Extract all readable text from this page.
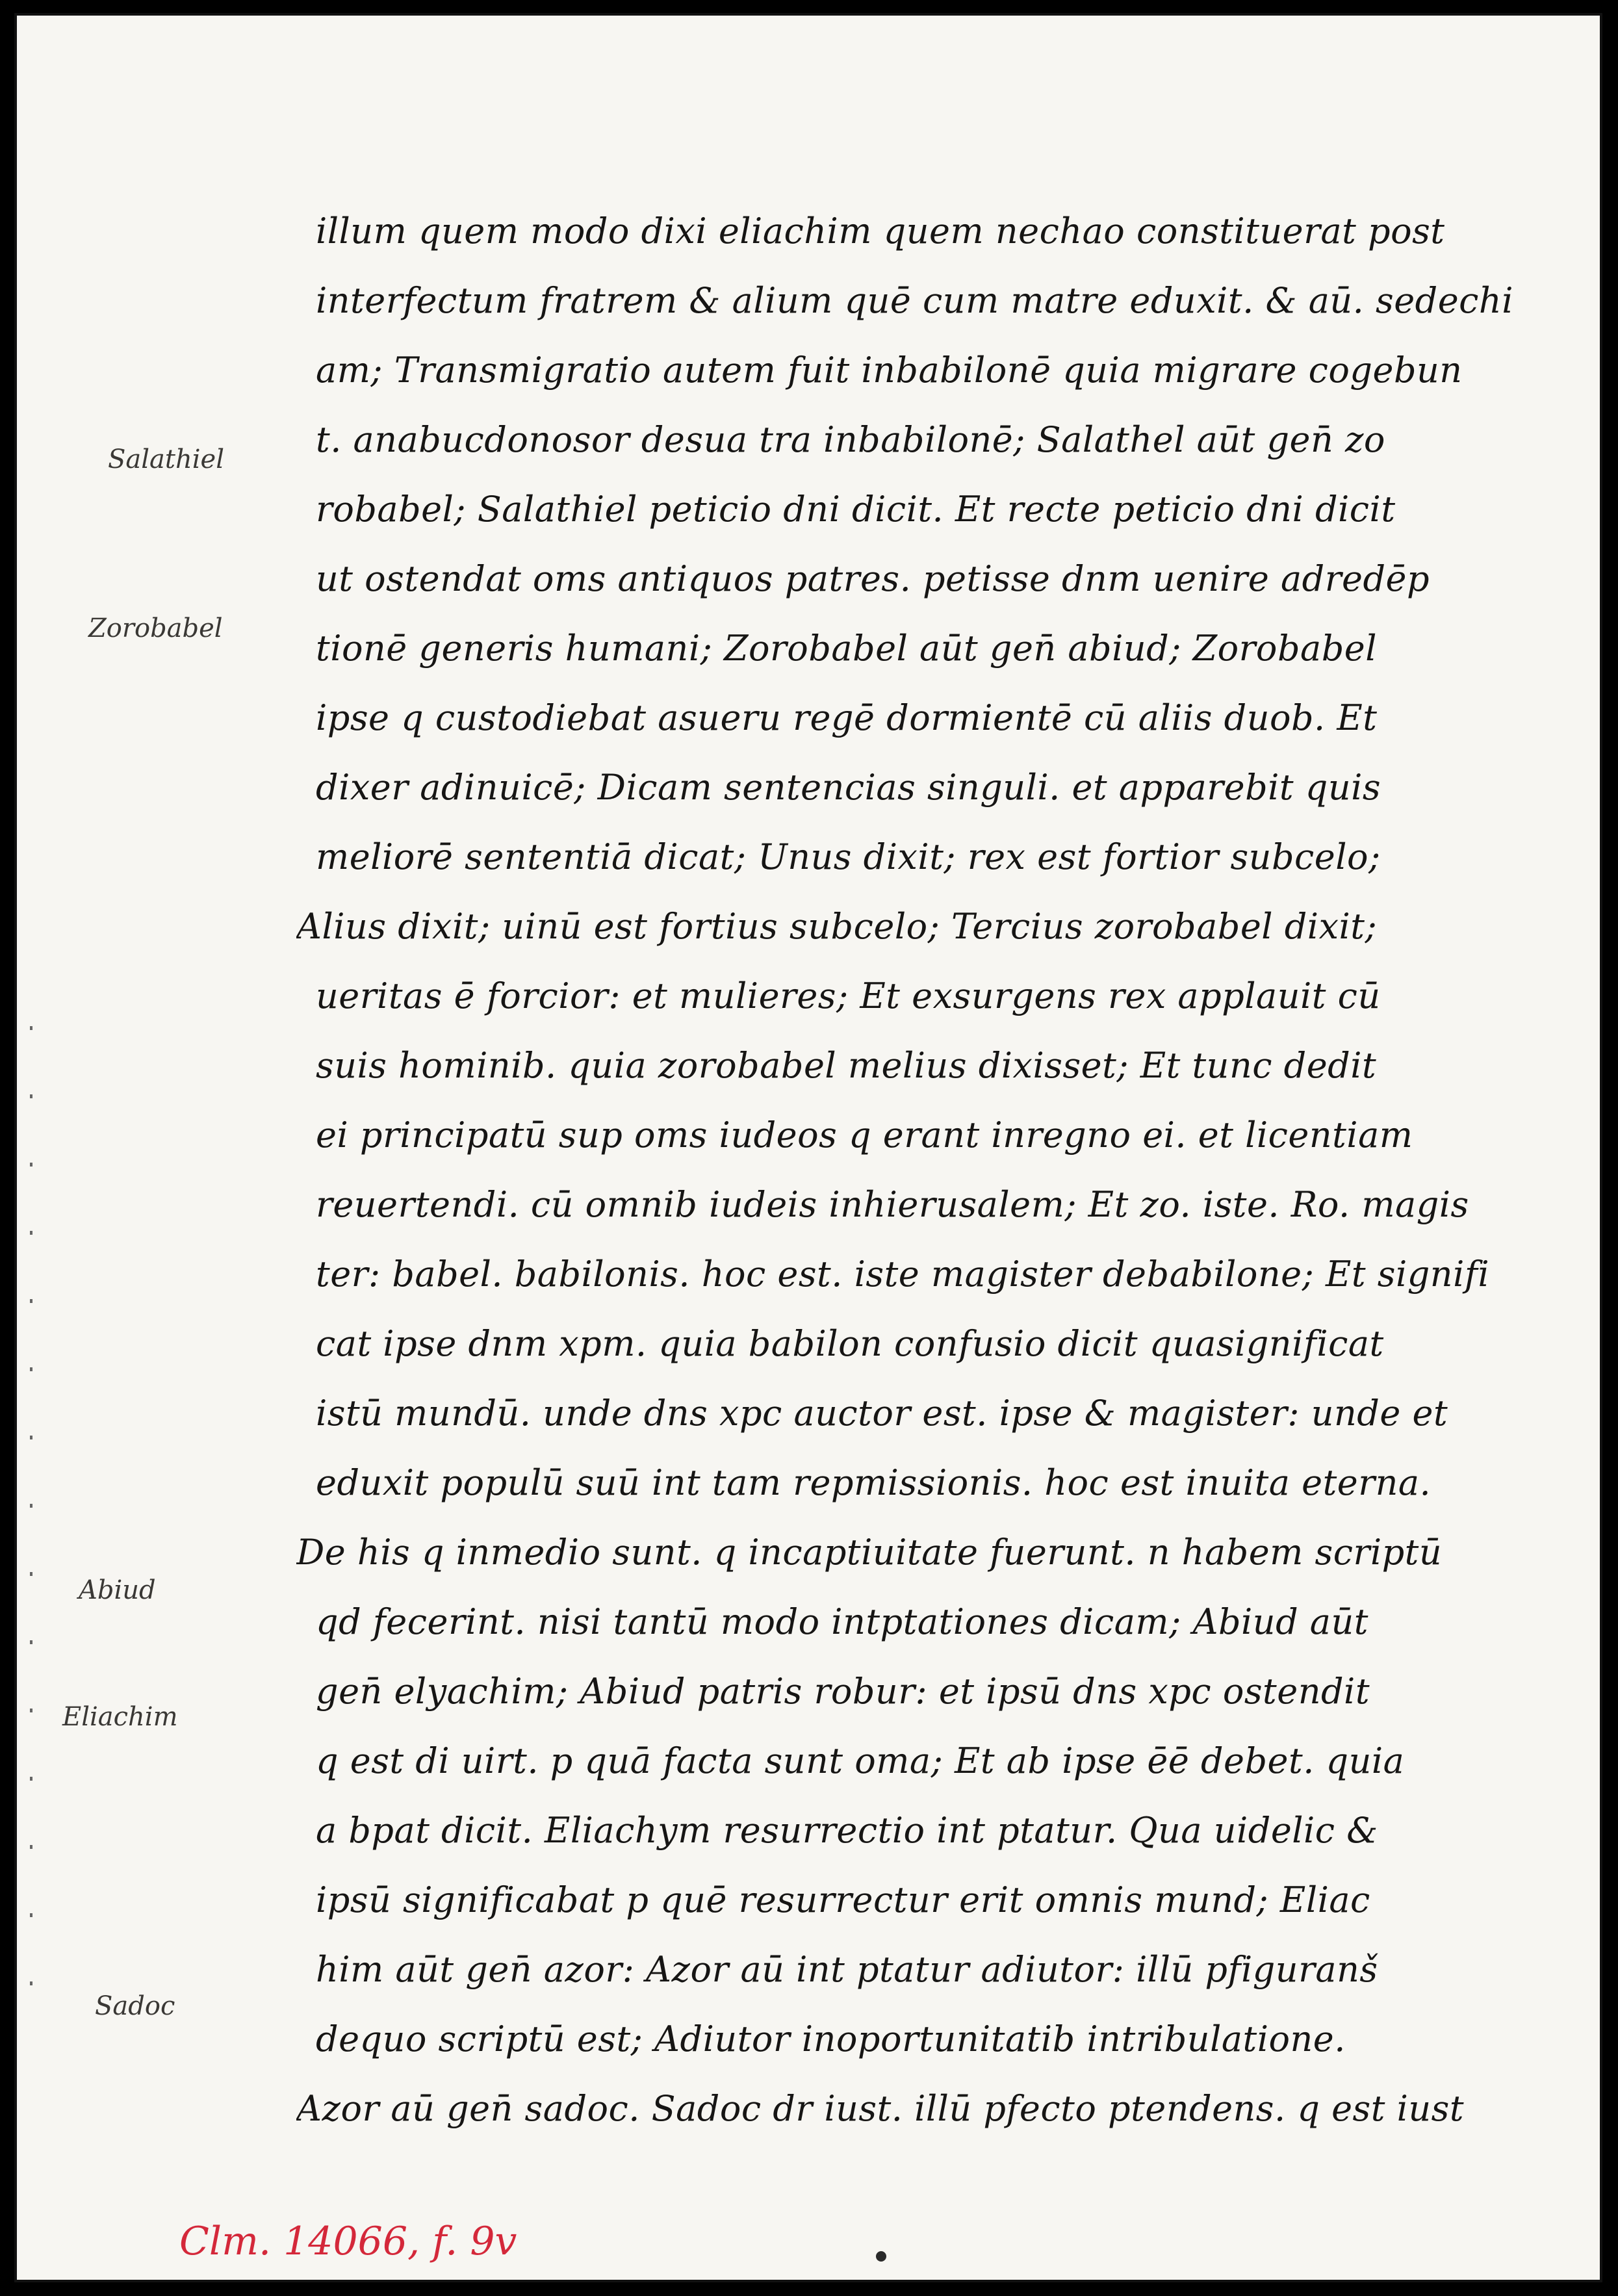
Salathiel
Zorobabel
Abiud
Eliachim
Sadoc
illum quem modo dixi eliachim quem nechao constituerat post
interfectum fratrem & alium quē cum matre eduxit. & aū. sedechi
am; Transmigratio autem fuit inbabilonē quia migrare cogebun
t. anabucdonosor desua tra inbabilonē; Salathel aūt gen̄ zo
robabel; Salathiel peticio dni dicit. Et recte peticio dni dicit
ut ostendat oms antiquos patres. petisse dnm uenire adredēp
tionē generis humani; Zorobabel aūt gen̄ abiud; Zorobabel
ipse q custodiebat asueru regē dormientē cū aliis duob. Et
dixer adinuicē; Dicam sentencias singuli. et apparebit quis
meliorē sententiā dicat; Unus dixit; rex est fortior subcelo;
Alius dixit; uinū est fortius subcelo; Tercius zorobabel dixit;
ueritas ē forcior: et mulieres; Et exsurgens rex applauit cū
suis hominib. quia zorobabel melius dixisset; Et tunc dedit
ei principatū sup oms iudeos q erant inregno ei. et licentiam
reuertendi. cū omnib iudeis inhierusalem; Et zo. iste. Ro. magis
ter: babel. babilonis. hoc est. iste magister debabilone; Et signifi
cat ipse dnm xpm. quia babilon confusio dicit quasignificat
istū mundū. unde dns xpc auctor est. ipse & magister: unde et
eduxit populū suū int tam repmissionis. hoc est inuita eterna.
De his q inmedio sunt. q incaptiuitate fuerunt. n habem scriptū
qd fecerint. nisi tantū modo intptationes dicam; Abiud aūt
gen̄ elyachim; Abiud patris robur: et ipsū dns xpc ostendit
q est di uirt. p quā facta sunt oma; Et ab ipse ēē debet. quia
a bpat dicit. Eliachym resurrectio int ptatur. Qua uidelic &
ipsū significabat p quē resurrectur erit omnis mund; Eliac
him aūt gen̄ azor: Azor aū int ptatur adiutor: illū pfiguranš
dequo scriptū est; Adiutor inoportunitatib intribulatione.
Azor aū gen̄ sadoc. Sadoc dr iust. illū pfecto ptendens. q est iust
Clm. 14066, f. 9v
